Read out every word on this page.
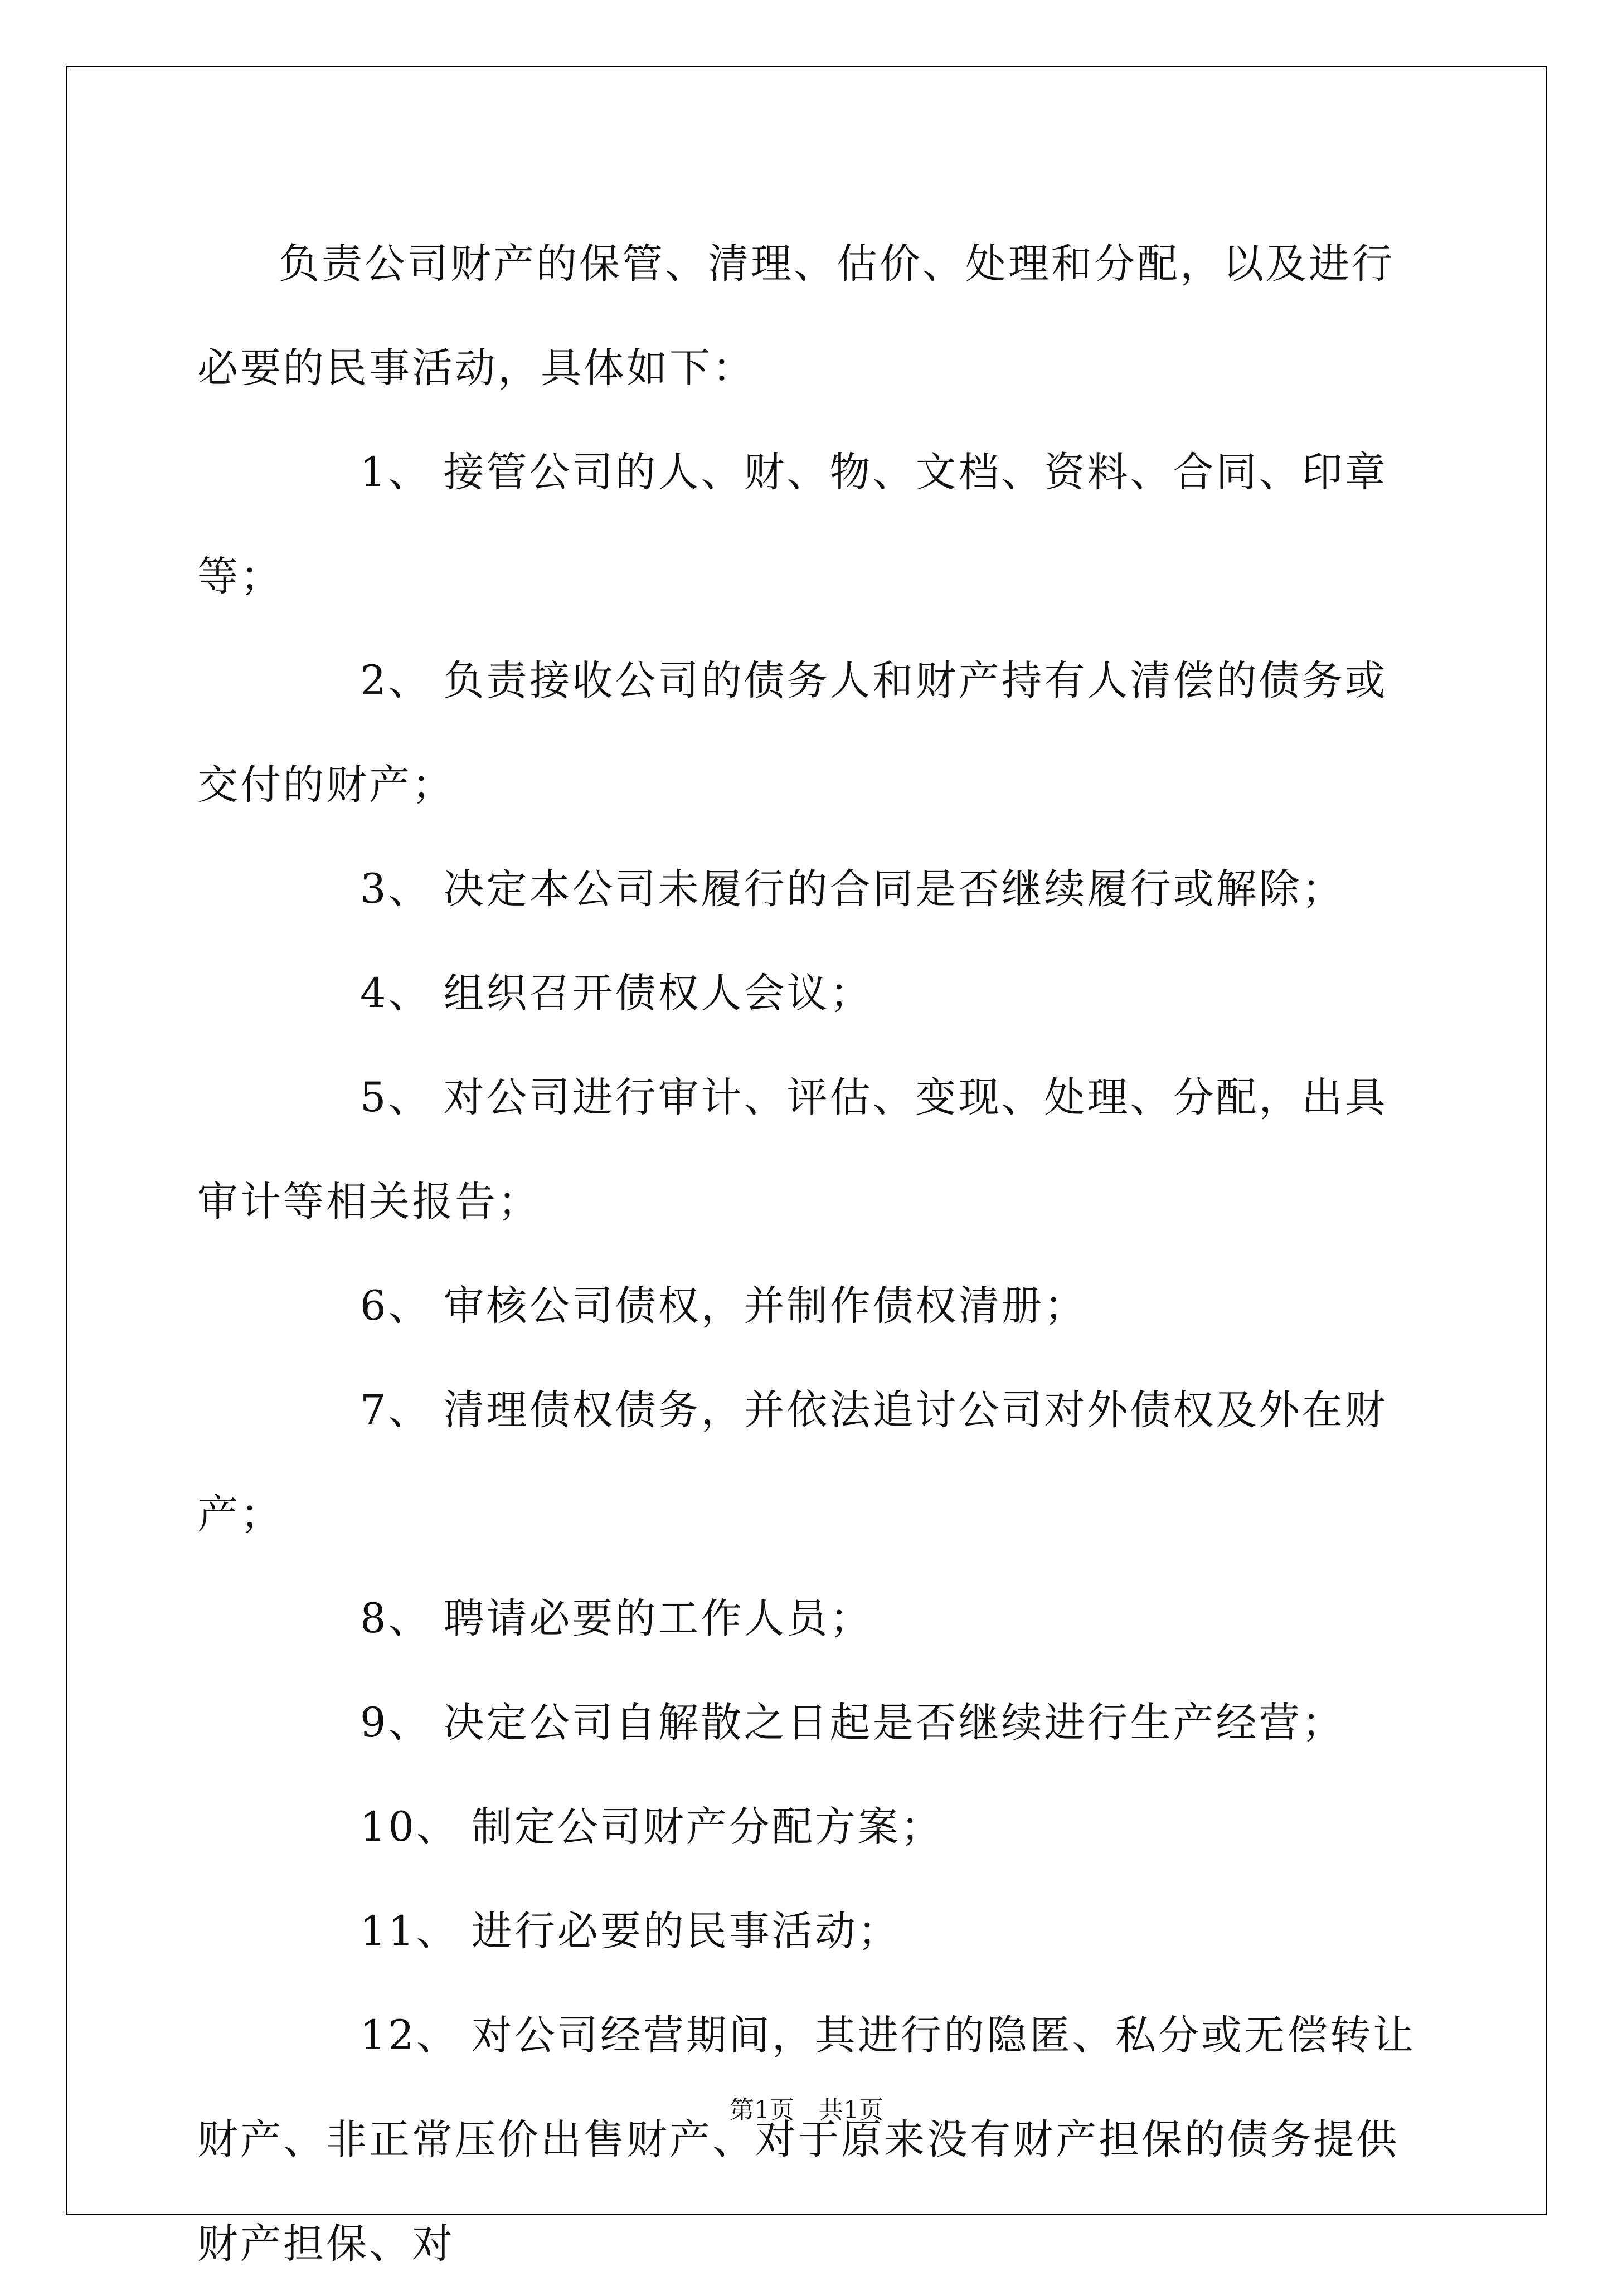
负责公司财产的保管、清理、估价、处理和分配，以及进行必要的民事活动，具体如下：

1、 接管公司的人、财、物、文档、资料、合同、印章等；

2、 负责接收公司的债务人和财产持有人清偿的债务或交付的财产；

3、 决定本公司未履行的合同是否继续履行或解除；

4、 组织召开债权人会议；

5、 对公司进行审计、评估、变现、处理、分配，出具审计等相关报告；

6、 审核公司债权，并制作债权清册；

7、 清理债权债务，并依法追讨公司对外债权及外在财产；

8、 聘请必要的工作人员；

9、 决定公司自解散之日起是否继续进行生产经营；

10、 制定公司财产分配方案；

11、 进行必要的民事活动；

12、 对公司经营期间，其进行的隐匿、私分或无偿转让财产、非正常压价出售财产、对于原来没有财产担保的债务提供财产担保、对

第1页 共1页
